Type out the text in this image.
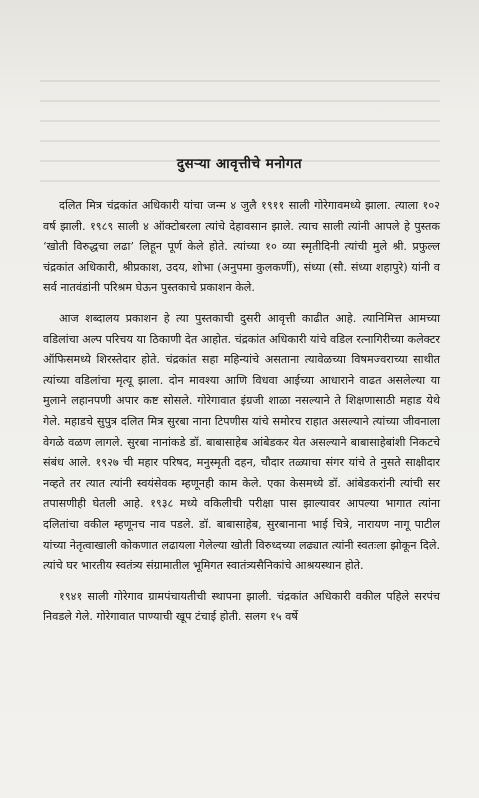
दुसऱ्या आवृत्तीचे मनोगत

दलित मित्र चंद्रकांत अधिकारी यांचा जन्म ४ जुलै १९११ साली गोरेगावमध्ये झाला. त्याला १०२ वर्ष झाली. १९८९ साली ४ ऑक्टोबरला त्यांचे देहावसान झाले. त्याच साली त्यांनी आपले हे पुस्तक ‘खोती विरुद्धचा लढा’ लिहून पूर्ण केले होते. त्यांच्या १० व्या स्मृतीदिनी त्यांची मुले श्री. प्रफुल्ल चंद्रकांत अधिकारी, श्रीप्रकाश, उदय, शोभा (अनुपमा कुलकर्णी), संध्या (सौ. संध्या शहापुरे) यांनी व सर्व नातवंडांनी परिश्रम घेऊन पुस्तकाचे प्रकाशन केले.

आज शब्दालय प्रकाशन हे त्या पुस्तकाची दुसरी आवृत्ती काढीत आहे. त्यानिमित्त आमच्या वडिलांचा अल्प परिचय या ठिकाणी देत आहोत. चंद्रकांत अधिकारी यांचे वडिल रत्नागिरीच्या कलेक्टर ऑफिसमध्ये शिरस्तेदार होते. चंद्रकांत सहा महिन्यांचे असताना त्यावेळच्या विषमज्वराच्या साथीत त्यांच्या वडिलांचा मृत्यू झाला. दोन मावश्या आणि विधवा आईच्या आधाराने वाढत असलेल्या या मुलाने लहानपणी अपार कष्ट सोसले. गोरेगावात इंग्रजी शाळा नसल्याने ते शिक्षणासाठी महाड येथे गेले. महाडचे सुपुत्र दलित मित्र सुरबा नाना टिपणीस यांचे समोरच राहात असल्याने त्यांच्या जीवनाला वेगळे वळण लागले. सुरबा नानांकडे डॉ. बाबासाहेब आंबेडकर येत असल्याने बाबासाहेबांशी निकटचे संबंध आले. १९२७ ची महार परिषद, मनुस्मृती दहन, चौदार तळ्याचा संगर यांचे ते नुसते साक्षीदार नव्हते तर त्यात त्यांनी स्वयंसेवक म्हणूनही काम केले. एका केसमध्ये डॉ. आंबेडकरांनी त्यांची सर तपासणीही घेतली आहे. १९३८ मध्ये वकिलीची परीक्षा पास झाल्यावर आपल्या भागात त्यांना दलितांचा वकील म्हणूनच नाव पडले. डॉ. बाबासाहेब, सुरबानाना भाई चित्रे, नारायण नागू पाटील यांच्या नेतृत्वाखाली कोकणात लढायला गेलेल्या खोती विरुध्दच्या लढ्यात त्यांनी स्वतःला झोकून दिले. त्यांचे घर भारतीय स्वतंत्र्य संग्रामातील भूमिगत स्वातंत्र्यसैनिकांचे आश्रयस्थान होते.

१९४१ साली गोरेगाव ग्रामपंचायतीची स्थापना झाली. चंद्रकांत अधिकारी वकील पहिले सरपंच निवडले गेले. गोरेगावात पाण्याची खूप टंचाई होती. सलग १५ वर्षे
